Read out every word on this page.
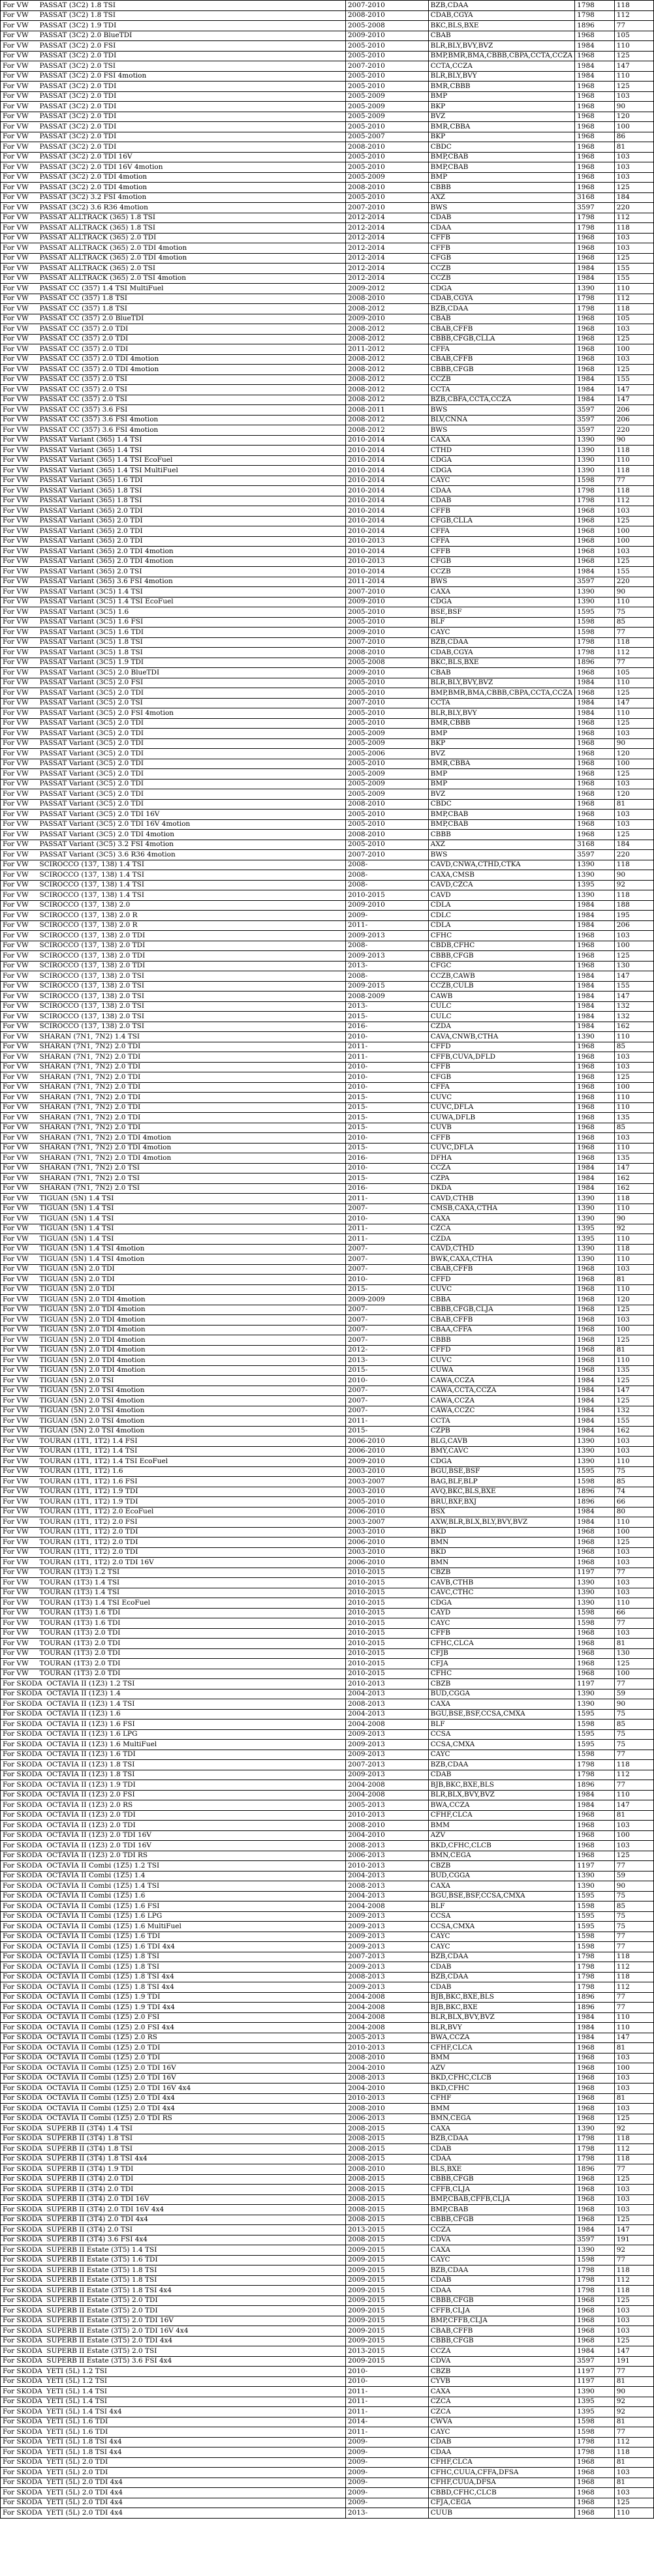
For VW     PASSAT (3C2) 1.8 TSI	2007-2010	BZB,CDAA	1798	118
For VW     PASSAT (3C2) 1.8 TSI	2008-2010	CDAB,CGYA	1798	112
For VW     PASSAT (3C2) 1.9 TDI	2005-2008	BKC,BLS,BXE	1896	77
For VW     PASSAT (3C2) 2.0 BlueTDI	2009-2010	CBAB	1968	105
For VW     PASSAT (3C2) 2.0 FSI	2005-2010	BLR,BLY,BVY,BVZ	1984	110
For VW     PASSAT (3C2) 2.0 TDI	2005-2010	BMP,BMR,BMA,CBBB,CBPA,CCTA,CCZA	1968	125
For VW     PASSAT (3C2) 2.0 TSI	2007-2010	CCTA,CCZA	1984	147
For VW     PASSAT (3C2) 2.0 FSI 4motion	2005-2010	BLR,BLY,BVY	1984	110
For VW     PASSAT (3C2) 2.0 TDI	2005-2010	BMR,CBBB	1968	125
For VW     PASSAT (3C2) 2.0 TDI	2005-2009	BMP	1968	103
For VW     PASSAT (3C2) 2.0 TDI	2005-2009	BKP	1968	90
For VW     PASSAT (3C2) 2.0 TDI	2005-2009	BVZ	1968	120
For VW     PASSAT (3C2) 2.0 TDI	2005-2010	BMR,CBBA	1968	100
For VW     PASSAT (3C2) 2.0 TDI	2005-2007	BKP	1968	86
For VW     PASSAT (3C2) 2.0 TDI	2008-2010	CBDC	1968	81
For VW     PASSAT (3C2) 2.0 TDI 16V	2005-2010	BMP,CBAB	1968	103
For VW     PASSAT (3C2) 2.0 TDI 16V 4motion	2005-2010	BMP,CBAB	1968	103
For VW     PASSAT (3C2) 2.0 TDI 4motion	2005-2009	BMP	1968	103
For VW     PASSAT (3C2) 2.0 TDI 4motion	2008-2010	CBBB	1968	125
For VW     PASSAT (3C2) 3.2 FSI 4motion	2005-2010	AXZ	3168	184
For VW     PASSAT (3C2) 3.6 R36 4motion	2007-2010	BWS	3597	220
For VW     PASSAT ALLTRACK (365) 1.8 TSI	2012-2014	CDAB	1798	112
For VW     PASSAT ALLTRACK (365) 1.8 TSI	2012-2014	CDAA	1798	118
For VW     PASSAT ALLTRACK (365) 2.0 TDI	2012-2014	CFFB	1968	103
For VW     PASSAT ALLTRACK (365) 2.0 TDI 4motion	2012-2014	CFFB	1968	103
For VW     PASSAT ALLTRACK (365) 2.0 TDI 4motion	2012-2014	CFGB	1968	125
For VW     PASSAT ALLTRACK (365) 2.0 TSI	2012-2014	CCZB	1984	155
For VW     PASSAT ALLTRACK (365) 2.0 TSI 4motion	2012-2014	CCZB	1984	155
For VW     PASSAT CC (357) 1.4 TSI MultiFuel	2009-2012	CDGA	1390	110
For VW     PASSAT CC (357) 1.8 TSI	2008-2010	CDAB,CGYA	1798	112
For VW     PASSAT CC (357) 1.8 TSI	2008-2012	BZB,CDAA	1798	118
For VW     PASSAT CC (357) 2.0 BlueTDI	2009-2010	CBAB	1968	105
For VW     PASSAT CC (357) 2.0 TDI	2008-2012	CBAB,CFFB	1968	103
For VW     PASSAT CC (357) 2.0 TDI	2008-2012	CBBB,CFGB,CLLA	1968	125
For VW     PASSAT CC (357) 2.0 TDI	2011-2012	CFFA	1968	100
For VW     PASSAT CC (357) 2.0 TDI 4motion	2008-2012	CBAB,CFFB	1968	103
For VW     PASSAT CC (357) 2.0 TDI 4motion	2008-2012	CBBB,CFGB	1968	125
For VW     PASSAT CC (357) 2.0 TSI	2008-2012	CCZB	1984	155
For VW     PASSAT CC (357) 2.0 TSI	2008-2012	CCTA	1984	147
For VW     PASSAT CC (357) 2.0 TSI	2008-2012	BZB,CBFA,CCTA,CCZA	1984	147
For VW     PASSAT CC (357) 3.6 FSI	2008-2011	BWS	3597	206
For VW     PASSAT CC (357) 3.6 FSI 4motion	2008-2012	BLV,CNNA	3597	206
For VW     PASSAT CC (357) 3.6 FSI 4motion	2008-2012	BWS	3597	220
For VW     PASSAT Variant (365) 1.4 TSI	2010-2014	CAXA	1390	90
For VW     PASSAT Variant (365) 1.4 TSI	2010-2014	CTHD	1390	118
For VW     PASSAT Variant (365) 1.4 TSI EcoFuel	2010-2014	CDGA	1390	110
For VW     PASSAT Variant (365) 1.4 TSI MultiFuel	2010-2014	CDGA	1390	118
For VW     PASSAT Variant (365) 1.6 TDI	2010-2014	CAYC	1598	77
For VW     PASSAT Variant (365) 1.8 TSI	2010-2014	CDAA	1798	118
For VW     PASSAT Variant (365) 1.8 TSI	2010-2014	CDAB	1798	112
For VW     PASSAT Variant (365) 2.0 TDI	2010-2014	CFFB	1968	103
For VW     PASSAT Variant (365) 2.0 TDI	2010-2014	CFGB,CLLA	1968	125
For VW     PASSAT Variant (365) 2.0 TDI	2010-2014	CFFA	1968	100
For VW     PASSAT Variant (365) 2.0 TDI	2010-2013	CFFA	1968	100
For VW     PASSAT Variant (365) 2.0 TDI 4motion	2010-2014	CFFB	1968	103
For VW     PASSAT Variant (365) 2.0 TDI 4motion	2010-2013	CFGB	1968	125
For VW     PASSAT Variant (365) 2.0 TSI	2010-2014	CCZB	1984	155
For VW     PASSAT Variant (365) 3.6 FSI 4motion	2011-2014	BWS	3597	220
For VW     PASSAT Variant (3C5) 1.4 TSI	2007-2010	CAXA	1390	90
For VW     PASSAT Variant (3C5) 1.4 TSI EcoFuel	2009-2010	CDGA	1390	110
For VW     PASSAT Variant (3C5) 1.6	2005-2010	BSE,BSF	1595	75
For VW     PASSAT Variant (3C5) 1.6 FSI	2005-2010	BLF	1598	85
For VW     PASSAT Variant (3C5) 1.6 TDI	2009-2010	CAYC	1598	77
For VW     PASSAT Variant (3C5) 1.8 TSI	2007-2010	BZB,CDAA	1798	118
For VW     PASSAT Variant (3C5) 1.8 TSI	2008-2010	CDAB,CGYA	1798	112
For VW     PASSAT Variant (3C5) 1.9 TDI	2005-2008	BKC,BLS,BXE	1896	77
For VW     PASSAT Variant (3C5) 2.0 BlueTDI	2009-2010	CBAB	1968	105
For VW     PASSAT Variant (3C5) 2.0 FSI	2005-2010	BLR,BLY,BVY,BVZ	1984	110
For VW     PASSAT Variant (3C5) 2.0 TDI	2005-2010	BMP,BMR,BMA,CBBB,CBPA,CCTA,CCZA	1968	125
For VW     PASSAT Variant (3C5) 2.0 TSI	2007-2010	CCTA	1984	147
For VW     PASSAT Variant (3C5) 2.0 FSI 4motion	2005-2010	BLR,BLY,BVY	1984	110
For VW     PASSAT Variant (3C5) 2.0 TDI	2005-2010	BMR,CBBB	1968	125
For VW     PASSAT Variant (3C5) 2.0 TDI	2005-2009	BMP	1968	103
For VW     PASSAT Variant (3C5) 2.0 TDI	2005-2009	BKP	1968	90
For VW     PASSAT Variant (3C5) 2.0 TDI	2005-2006	BVZ	1968	120
For VW     PASSAT Variant (3C5) 2.0 TDI	2005-2010	BMR,CBBA	1968	100
For VW     PASSAT Variant (3C5) 2.0 TDI	2005-2009	BMP	1968	125
For VW     PASSAT Variant (3C5) 2.0 TDI	2005-2009	BMP	1968	103
For VW     PASSAT Variant (3C5) 2.0 TDI	2005-2009	BVZ	1968	120
For VW     PASSAT Variant (3C5) 2.0 TDI	2008-2010	CBDC	1968	81
For VW     PASSAT Variant (3C5) 2.0 TDI 16V	2005-2010	BMP,CBAB	1968	103
For VW     PASSAT Variant (3C5) 2.0 TDI 16V 4motion	2005-2010	BMP,CBAB	1968	103
For VW     PASSAT Variant (3C5) 2.0 TDI 4motion	2008-2010	CBBB	1968	125
For VW     PASSAT Variant (3C5) 3.2 FSI 4motion	2005-2010	AXZ	3168	184
For VW     PASSAT Variant (3C5) 3.6 R36 4motion	2007-2010	BWS	3597	220
For VW     SCIROCCO (137, 138) 1.4 TSI	2008-	CAVD,CNWA,CTHD,CTKA	1390	118
For VW     SCIROCCO (137, 138) 1.4 TSI	2008-	CAXA,CMSB	1390	90
For VW     SCIROCCO (137, 138) 1.4 TSI	2008-	CAVD,CZCA	1395	92
For VW     SCIROCCO (137, 138) 1.4 TSI	2010-2015	CAVD	1390	118
For VW     SCIROCCO (137, 138) 2.0	2009-2010	CDLA	1984	188
For VW     SCIROCCO (137, 138) 2.0 R	2009-	CDLC	1984	195
For VW     SCIROCCO (137, 138) 2.0 R	2011-	CDLA	1984	206
For VW     SCIROCCO (137, 138) 2.0 TDI	2009-2013	CFHC	1968	103
For VW     SCIROCCO (137, 138) 2.0 TDI	2008-	CBDB,CFHC	1968	100
For VW     SCIROCCO (137, 138) 2.0 TDI	2009-2013	CBBB,CFGB	1968	125
For VW     SCIROCCO (137, 138) 2.0 TDI	2013-	CFGC	1968	130
For VW     SCIROCCO (137, 138) 2.0 TSI	2008-	CCZB,CAWB	1984	147
For VW     SCIROCCO (137, 138) 2.0 TSI	2009-2015	CCZB,CULB	1984	155
For VW     SCIROCCO (137, 138) 2.0 TSI	2008-2009	CAWB	1984	147
For VW     SCIROCCO (137, 138) 2.0 TSI	2013-	CULC	1984	132
For VW     SCIROCCO (137, 138) 2.0 TSI	2015-	CULC	1984	132
For VW     SCIROCCO (137, 138) 2.0 TSI	2016-	CZDA	1984	162
For VW     SHARAN (7N1, 7N2) 1.4 TSI	2010-	CAVA,CNWB,CTHA	1390	110
For VW     SHARAN (7N1, 7N2) 2.0 TDI	2011-	CFFD	1968	85
For VW     SHARAN (7N1, 7N2) 2.0 TDI	2011-	CFFB,CUVA,DFLD	1968	103
For VW     SHARAN (7N1, 7N2) 2.0 TDI	2010-	CFFB	1968	103
For VW     SHARAN (7N1, 7N2) 2.0 TDI	2010-	CFGB	1968	125
For VW     SHARAN (7N1, 7N2) 2.0 TDI	2010-	CFFA	1968	100
For VW     SHARAN (7N1, 7N2) 2.0 TDI	2015-	CUVC	1968	110
For VW     SHARAN (7N1, 7N2) 2.0 TDI	2015-	CUVC,DFLA	1968	110
For VW     SHARAN (7N1, 7N2) 2.0 TDI	2015-	CUWA,DFLB	1968	135
For VW     SHARAN (7N1, 7N2) 2.0 TDI	2015-	CUVB	1968	85
For VW     SHARAN (7N1, 7N2) 2.0 TDI 4motion	2010-	CFFB	1968	103
For VW     SHARAN (7N1, 7N2) 2.0 TDI 4motion	2015-	CUVC,DFLA	1968	110
For VW     SHARAN (7N1, 7N2) 2.0 TDI 4motion	2016-	DFHA	1968	135
For VW     SHARAN (7N1, 7N2) 2.0 TSI	2010-	CCZA	1984	147
For VW     SHARAN (7N1, 7N2) 2.0 TSI	2015-	CZPA	1984	162
For VW     SHARAN (7N1, 7N2) 2.0 TSI	2016-	DKDA	1984	162
For VW     TIGUAN (5N) 1.4 TSI	2011-	CAVD,CTHB	1390	118
For VW     TIGUAN (5N) 1.4 TSI	2007-	CMSB,CAXA,CTHA	1390	110
For VW     TIGUAN (5N) 1.4 TSI	2010-	CAXA	1390	90
For VW     TIGUAN (5N) 1.4 TSI	2011-	CZCA	1395	92
For VW     TIGUAN (5N) 1.4 TSI	2011-	CZDA	1395	110
For VW     TIGUAN (5N) 1.4 TSI 4motion	2007-	CAVD,CTHD	1390	118
For VW     TIGUAN (5N) 1.4 TSI 4motion	2007-	BWK,CAXA,CTHA	1390	110
For VW     TIGUAN (5N) 2.0 TDI	2007-	CBAB,CFFB	1968	103
For VW     TIGUAN (5N) 2.0 TDI	2010-	CFFD	1968	81
For VW     TIGUAN (5N) 2.0 TDI	2015-	CUVC	1968	110
For VW     TIGUAN (5N) 2.0 TDI 4motion	2009-2009	CBBA	1968	120
For VW     TIGUAN (5N) 2.0 TDI 4motion	2007-	CBBB,CFGB,CLJA	1968	125
For VW     TIGUAN (5N) 2.0 TDI 4motion	2007-	CBAB,CFFB	1968	103
For VW     TIGUAN (5N) 2.0 TDI 4motion	2007-	CBAA,CFFA	1968	100
For VW     TIGUAN (5N) 2.0 TDI 4motion	2007-	CBBB	1968	125
For VW     TIGUAN (5N) 2.0 TDI 4motion	2012-	CFFD	1968	81
For VW     TIGUAN (5N) 2.0 TDI 4motion	2013-	CUVC	1968	110
For VW     TIGUAN (5N) 2.0 TDI 4motion	2015-	CUWA	1968	135
For VW     TIGUAN (5N) 2.0 TSI	2010-	CAWA,CCZA	1984	125
For VW     TIGUAN (5N) 2.0 TSI 4motion	2007-	CAWA,CCTA,CCZA	1984	147
For VW     TIGUAN (5N) 2.0 TSI 4motion	2007-	CAWA,CCZA	1984	125
For VW     TIGUAN (5N) 2.0 TSI 4motion	2007-	CAWA,CCZC	1984	132
For VW     TIGUAN (5N) 2.0 TSI 4motion	2011-	CCTA	1984	155
For VW     TIGUAN (5N) 2.0 TSI 4motion	2015-	CZPB	1984	162
For VW     TOURAN (1T1, 1T2) 1.4 FSI	2006-2010	BLG,CAVB	1390	103
For VW     TOURAN (1T1, 1T2) 1.4 TSI	2006-2010	BMY,CAVC	1390	103
For VW     TOURAN (1T1, 1T2) 1.4 TSI EcoFuel	2009-2010	CDGA	1390	110
For VW     TOURAN (1T1, 1T2) 1.6	2003-2010	BGU,BSE,BSF	1595	75
For VW     TOURAN (1T1, 1T2) 1.6 FSI	2003-2007	BAG,BLF,BLP	1598	85
For VW     TOURAN (1T1, 1T2) 1.9 TDI	2003-2010	AVQ,BKC,BLS,BXE	1896	74
For VW     TOURAN (1T1, 1T2) 1.9 TDI	2005-2010	BRU,BXF,BXJ	1896	66
For VW     TOURAN (1T1, 1T2) 2.0 EcoFuel	2006-2010	BSX	1984	80
For VW     TOURAN (1T1, 1T2) 2.0 FSI	2003-2007	AXW,BLR,BLX,BLY,BVY,BVZ	1984	110
For VW     TOURAN (1T1, 1T2) 2.0 TDI	2003-2010	BKD	1968	100
For VW     TOURAN (1T1, 1T2) 2.0 TDI	2006-2010	BMN	1968	125
For VW     TOURAN (1T1, 1T2) 2.0 TDI	2003-2010	BKD	1968	103
For VW     TOURAN (1T1, 1T2) 2.0 TDI 16V	2006-2010	BMN	1968	103
For VW     TOURAN (1T3) 1.2 TSI	2010-2015	CBZB	1197	77
For VW     TOURAN (1T3) 1.4 TSI	2010-2015	CAVB,CTHB	1390	103
For VW     TOURAN (1T3) 1.4 TSI	2010-2015	CAVC,CTHC	1390	103
For VW     TOURAN (1T3) 1.4 TSI EcoFuel	2010-2015	CDGA	1390	110
For VW     TOURAN (1T3) 1.6 TDI	2010-2015	CAYD	1598	66
For VW     TOURAN (1T3) 1.6 TDI	2010-2015	CAYC	1598	77
For VW     TOURAN (1T3) 2.0 TDI	2010-2015	CFFB	1968	103
For VW     TOURAN (1T3) 2.0 TDI	2010-2015	CFHC,CLCA	1968	81
For VW     TOURAN (1T3) 2.0 TDI	2010-2015	CFJB	1968	130
For VW     TOURAN (1T3) 2.0 TDI	2010-2015	CFJA	1968	125
For VW     TOURAN (1T3) 2.0 TDI	2010-2015	CFHC	1968	100
For SKODA  OCTAVIA II (1Z3) 1.2 TSI	2010-2013	CBZB	1197	77
For SKODA  OCTAVIA II (1Z3) 1.4	2004-2013	BUD,CGGA	1390	59
For SKODA  OCTAVIA II (1Z3) 1.4 TSI	2008-2013	CAXA	1390	90
For SKODA  OCTAVIA II (1Z3) 1.6	2004-2013	BGU,BSE,BSF,CCSA,CMXA	1595	75
For SKODA  OCTAVIA II (1Z3) 1.6 FSI	2004-2008	BLF	1598	85
For SKODA  OCTAVIA II (1Z3) 1.6 LPG	2009-2013	CCSA	1595	75
For SKODA  OCTAVIA II (1Z3) 1.6 MultiFuel	2009-2013	CCSA,CMXA	1595	75
For SKODA  OCTAVIA II (1Z3) 1.6 TDI	2009-2013	CAYC	1598	77
For SKODA  OCTAVIA II (1Z3) 1.8 TSI	2007-2013	BZB,CDAA	1798	118
For SKODA  OCTAVIA II (1Z3) 1.8 TSI	2009-2013	CDAB	1798	112
For SKODA  OCTAVIA II (1Z3) 1.9 TDI	2004-2008	BJB,BKC,BXE,BLS	1896	77
For SKODA  OCTAVIA II (1Z3) 2.0 FSI	2004-2008	BLR,BLX,BVY,BVZ	1984	110
For SKODA  OCTAVIA II (1Z3) 2.0 RS	2005-2013	BWA,CCZA	1984	147
For SKODA  OCTAVIA II (1Z3) 2.0 TDI	2010-2013	CFHF,CLCA	1968	81
For SKODA  OCTAVIA II (1Z3) 2.0 TDI	2008-2010	BMM	1968	103
For SKODA  OCTAVIA II (1Z3) 2.0 TDI 16V	2004-2010	AZV	1968	100
For SKODA  OCTAVIA II (1Z3) 2.0 TDI 16V	2008-2013	BKD,CFHC,CLCB	1968	103
For SKODA  OCTAVIA II (1Z3) 2.0 TDI RS	2006-2013	BMN,CEGA	1968	125
For SKODA  OCTAVIA II Combi (1Z5) 1.2 TSI	2010-2013	CBZB	1197	77
For SKODA  OCTAVIA II Combi (1Z5) 1.4	2004-2013	BUD,CGGA	1390	59
For SKODA  OCTAVIA II Combi (1Z5) 1.4 TSI	2008-2013	CAXA	1390	90
For SKODA  OCTAVIA II Combi (1Z5) 1.6	2004-2013	BGU,BSE,BSF,CCSA,CMXA	1595	75
For SKODA  OCTAVIA II Combi (1Z5) 1.6 FSI	2004-2008	BLF	1598	85
For SKODA  OCTAVIA II Combi (1Z5) 1.6 LPG	2009-2013	CCSA	1595	75
For SKODA  OCTAVIA II Combi (1Z5) 1.6 MultiFuel	2009-2013	CCSA,CMXA	1595	75
For SKODA  OCTAVIA II Combi (1Z5) 1.6 TDI	2009-2013	CAYC	1598	77
For SKODA  OCTAVIA II Combi (1Z5) 1.6 TDI 4x4	2009-2013	CAYC	1598	77
For SKODA  OCTAVIA II Combi (1Z5) 1.8 TSI	2007-2013	BZB,CDAA	1798	118
For SKODA  OCTAVIA II Combi (1Z5) 1.8 TSI	2009-2013	CDAB	1798	112
For SKODA  OCTAVIA II Combi (1Z5) 1.8 TSI 4x4	2008-2013	BZB,CDAA	1798	118
For SKODA  OCTAVIA II Combi (1Z5) 1.8 TSI 4x4	2009-2013	CDAB	1798	112
For SKODA  OCTAVIA II Combi (1Z5) 1.9 TDI	2004-2008	BJB,BKC,BXE,BLS	1896	77
For SKODA  OCTAVIA II Combi (1Z5) 1.9 TDI 4x4	2004-2008	BJB,BKC,BXE	1896	77
For SKODA  OCTAVIA II Combi (1Z5) 2.0 FSI	2004-2008	BLR,BLX,BVY,BVZ	1984	110
For SKODA  OCTAVIA II Combi (1Z5) 2.0 FSI 4x4	2004-2008	BLR,BVY	1984	110
For SKODA  OCTAVIA II Combi (1Z5) 2.0 RS	2005-2013	BWA,CCZA	1984	147
For SKODA  OCTAVIA II Combi (1Z5) 2.0 TDI	2010-2013	CFHF,CLCA	1968	81
For SKODA  OCTAVIA II Combi (1Z5) 2.0 TDI	2008-2010	BMM	1968	103
For SKODA  OCTAVIA II Combi (1Z5) 2.0 TDI 16V	2004-2010	AZV	1968	100
For SKODA  OCTAVIA II Combi (1Z5) 2.0 TDI 16V	2008-2013	BKD,CFHC,CLCB	1968	103
For SKODA  OCTAVIA II Combi (1Z5) 2.0 TDI 16V 4x4	2004-2010	BKD,CFHC	1968	103
For SKODA  OCTAVIA II Combi (1Z5) 2.0 TDI 4x4	2010-2013	CFHF	1968	81
For SKODA  OCTAVIA II Combi (1Z5) 2.0 TDI 4x4	2008-2010	BMM	1968	103
For SKODA  OCTAVIA II Combi (1Z5) 2.0 TDI RS	2006-2013	BMN,CEGA	1968	125
For SKODA  SUPERB II (3T4) 1.4 TSI	2008-2015	CAXA	1390	92
For SKODA  SUPERB II (3T4) 1.8 TSI	2008-2015	BZB,CDAA	1798	118
For SKODA  SUPERB II (3T4) 1.8 TSI	2008-2015	CDAB	1798	112
For SKODA  SUPERB II (3T4) 1.8 TSI 4x4	2008-2015	CDAA	1798	118
For SKODA  SUPERB II (3T4) 1.9 TDI	2008-2010	BLS,BXE	1896	77
For SKODA  SUPERB II (3T4) 2.0 TDI	2008-2015	CBBB,CFGB	1968	125
For SKODA  SUPERB II (3T4) 2.0 TDI	2008-2015	CFFB,CLJA	1968	103
For SKODA  SUPERB II (3T4) 2.0 TDI 16V	2008-2015	BMP,CBAB,CFFB,CLJA	1968	103
For SKODA  SUPERB II (3T4) 2.0 TDI 16V 4x4	2008-2015	BMP,CBAB	1968	103
For SKODA  SUPERB II (3T4) 2.0 TDI 4x4	2008-2015	CBBB,CFGB	1968	125
For SKODA  SUPERB II (3T4) 2.0 TSI	2013-2015	CCZA	1984	147
For SKODA  SUPERB II (3T4) 3.6 FSI 4x4	2008-2015	CDVA	3597	191
For SKODA  SUPERB II Estate (3T5) 1.4 TSI	2009-2015	CAXA	1390	92
For SKODA  SUPERB II Estate (3T5) 1.6 TDI	2009-2015	CAYC	1598	77
For SKODA  SUPERB II Estate (3T5) 1.8 TSI	2009-2015	BZB,CDAA	1798	118
For SKODA  SUPERB II Estate (3T5) 1.8 TSI	2009-2015	CDAB	1798	112
For SKODA  SUPERB II Estate (3T5) 1.8 TSI 4x4	2009-2015	CDAA	1798	118
For SKODA  SUPERB II Estate (3T5) 2.0 TDI	2009-2015	CBBB,CFGB	1968	125
For SKODA  SUPERB II Estate (3T5) 2.0 TDI	2009-2015	CFFB,CLJA	1968	103
For SKODA  SUPERB II Estate (3T5) 2.0 TDI 16V	2009-2015	BMP,CFFB,CLJA	1968	103
For SKODA  SUPERB II Estate (3T5) 2.0 TDI 16V 4x4	2009-2015	CBAB,CFFB	1968	103
For SKODA  SUPERB II Estate (3T5) 2.0 TDI 4x4	2009-2015	CBBB,CFGB	1968	125
For SKODA  SUPERB II Estate (3T5) 2.0 TSI	2013-2015	CCZA	1984	147
For SKODA  SUPERB II Estate (3T5) 3.6 FSI 4x4	2009-2015	CDVA	3597	191
For SKODA  YETI (5L) 1.2 TSI	2010-	CBZB	1197	77
For SKODA  YETI (5L) 1.2 TSI	2010-	CYVB	1197	81
For SKODA  YETI (5L) 1.4 TSI	2011-	CAXA	1390	90
For SKODA  YETI (5L) 1.4 TSI	2011-	CZCA	1395	92
For SKODA  YETI (5L) 1.4 TSI 4x4	2011-	CZCA	1395	92
For SKODA  YETI (5L) 1.6 TDI	2014-	CWVA	1598	81
For SKODA  YETI (5L) 1.6 TDI	2011-	CAYC	1598	77
For SKODA  YETI (5L) 1.8 TSI 4x4	2009-	CDAB	1798	112
For SKODA  YETI (5L) 1.8 TSI 4x4	2009-	CDAA	1798	118
For SKODA  YETI (5L) 2.0 TDI	2009-	CFHF,CLCA	1968	81
For SKODA  YETI (5L) 2.0 TDI	2009-	CFHC,CUUA,CFFA,DFSA	1968	103
For SKODA  YETI (5L) 2.0 TDI 4x4	2009-	CFHF,CUUA,DFSA	1968	81
For SKODA  YETI (5L) 2.0 TDI 4x4	2009-	CBBD,CFHC,CLCB	1968	103
For SKODA  YETI (5L) 2.0 TDI 4x4	2009-	CFJA,CEGA	1968	125
For SKODA  YETI (5L) 2.0 TDI 4x4	2013-	CUUB	1968	110
